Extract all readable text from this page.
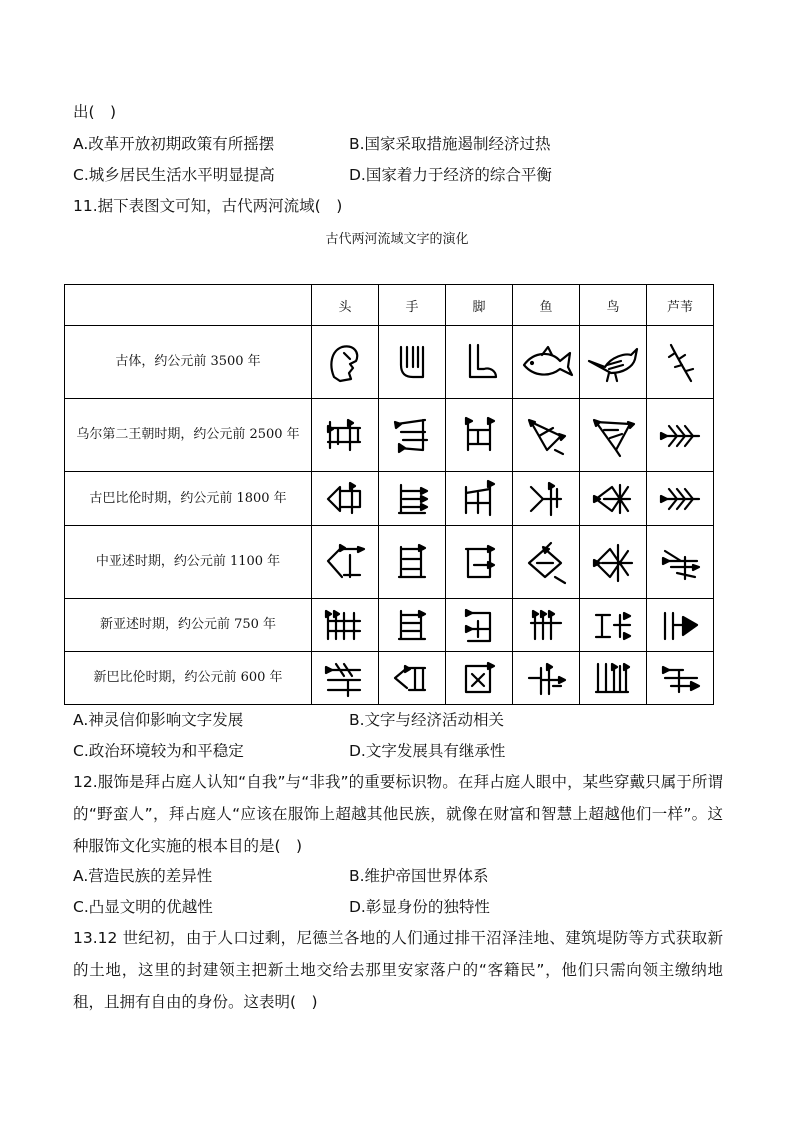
出(　)
A.改革开放初期政策有所摇摆	B.国家采取措施遏制经济过热
C.城乡居民生活水平明显提高	D.国家着力于经济的综合平衡
11.据下表图文可知，古代两河流域(　)
古代两河流域文字的演化
	头	手	脚	鱼	鸟	芦苇
古体，约公元前 3500 年	

乌尔第二王朝时期，约公元前 2500 年	

古巴比伦时期，约公元前 1800 年	

中亚述时期，约公元前 1100 年	

新亚述时期，约公元前 750 年	

新巴比伦时期，约公元前 600 年	

A.神灵信仰影响文字发展	B.文字与经济活动相关
C.政治环境较为和平稳定	D.文字发展具有继承性
12.服饰是拜占庭人认知“自我”与“非我”的重要标识物。在拜占庭人眼中，某些穿戴只属于所谓的“野蛮人”，拜占庭人“应该在服饰上超越其他民族，就像在财富和智慧上超越他们一样”。这种服饰文化实施的根本目的是(　)
A.营造民族的差异性	B.维护帝国世界体系
C.凸显文明的优越性	D.彰显身份的独特性
13.12 世纪初，由于人口过剩，尼德兰各地的人们通过排干沼泽洼地、建筑堤防等方式获取新的土地，这里的封建领主把新土地交给去那里安家落户的“客籍民”，他们只需向领主缴纳地租，且拥有自由的身份。这表明(　)
